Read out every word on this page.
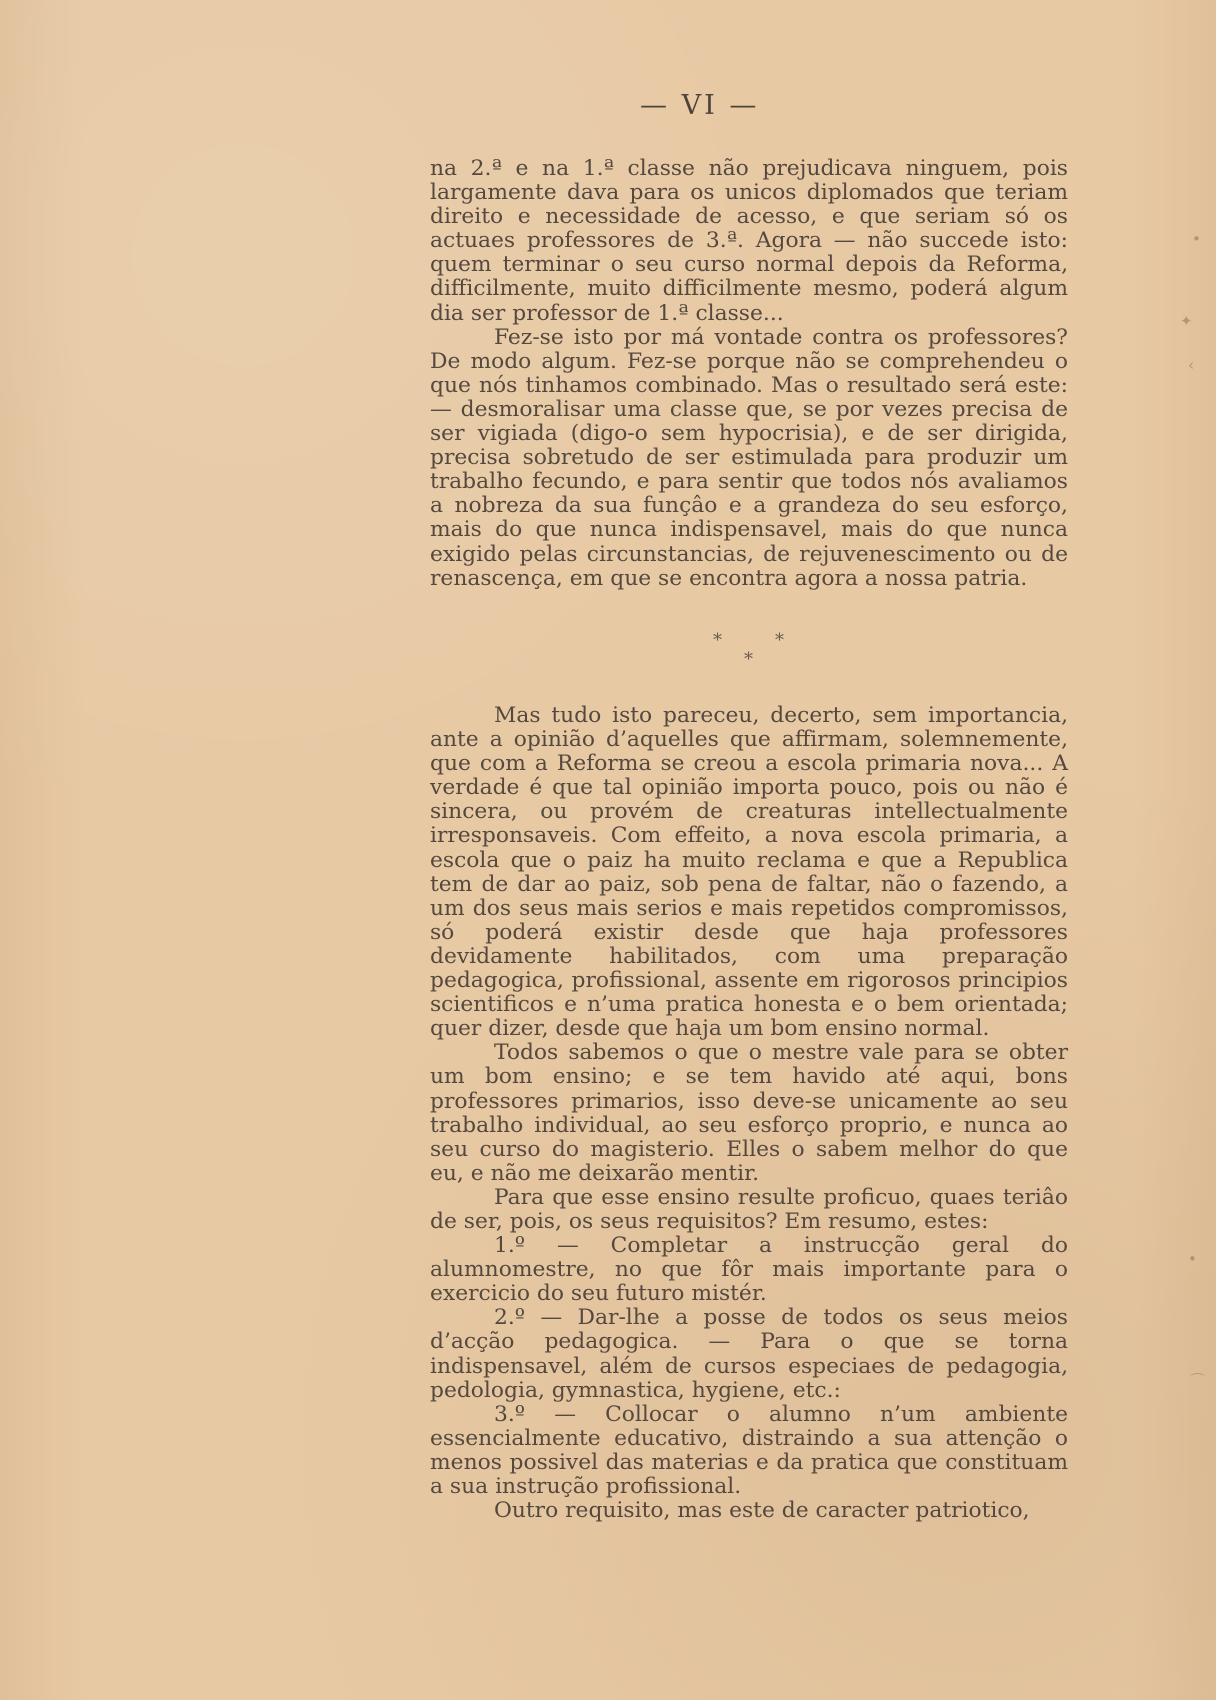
— VI —

na 2.ª e na 1.ª classe não prejudicava ninguem, pois largamente dava para os unicos diplomados que teriam direito e necessidade de acesso, e que seriam só os actuaes professores de 3.ª. Agora — não succede isto: quem terminar o seu curso normal depois da Reforma, difficilmente, muito difficilmente mesmo, poderá algum dia ser professor de 1.ª classe...

Fez-se isto por má vontade contra os professores? De modo algum. Fez-se porque não se comprehendeu o que nós tinhamos combinado. Mas o resultado será este: — desmoralisar uma classe que, se por vezes precisa de ser vigiada (digo-o sem hypocrisia), e de ser dirigida, precisa sobretudo de ser estimulada para produzir um trabalho fecundo, e para sentir que todos nós avaliamos a nobreza da sua funçâo e a grandeza do seu esforço, mais do que nunca indispensavel, mais do que nunca exigido pelas circunstancias, de rejuvenescimento ou de renascença, em que se encontra agora a nossa patria.

*	*
*

Mas tudo isto pareceu, decerto, sem importancia, ante a opinião d’aquelles que affirmam, solemnemente, que com a Reforma se creou a escola primaria nova... A verdade é que tal opinião importa pouco, pois ou não é sincera, ou provém de creaturas intellectualmente irresponsaveis. Com effeito, a nova escola primaria, a escola que o paiz ha muito reclama e que a Republica tem de dar ao paiz, sob pena de faltar, não o fazendo, a um dos seus mais serios e mais repetidos compromissos, só poderá existir desde que haja professores devidamente habilitados, com uma preparação pedagogica, profissional, assente em rigorosos principios scientificos e n’uma pratica honesta e o bem orientada; quer dizer, desde que haja um bom ensino normal.

Todos sabemos o que o mestre vale para se obter um bom ensino; e se tem havido até aqui, bons professores primarios, isso deve-se unicamente ao seu trabalho individual, ao seu esforço proprio, e nunca ao seu curso do magisterio. Elles o sabem melhor do que eu, e não me deixarão mentir.

Para que esse ensino resulte proficuo, quaes teriâo de ser, pois, os seus requisitos? Em resumo, estes:

1.º — Completar a instrucção geral do alumnomestre, no que fôr mais importante para o exercicio do seu futuro mistér.

2.º — Dar-lhe a posse de todos os seus meios d’acção pedagogica. — Para o que se torna indispensavel, além de cursos especiaes de pedagogia, pedologia, gymnastica, hygiene, etc.:

3.º — Collocar o alumno n’um ambiente essencialmente educativo, distraindo a sua attenção o menos possivel das materias e da pratica que constituam a sua instrução profissional.

Outro requisito, mas este de caracter patriotico,

•
✦
‹
•
⌒
